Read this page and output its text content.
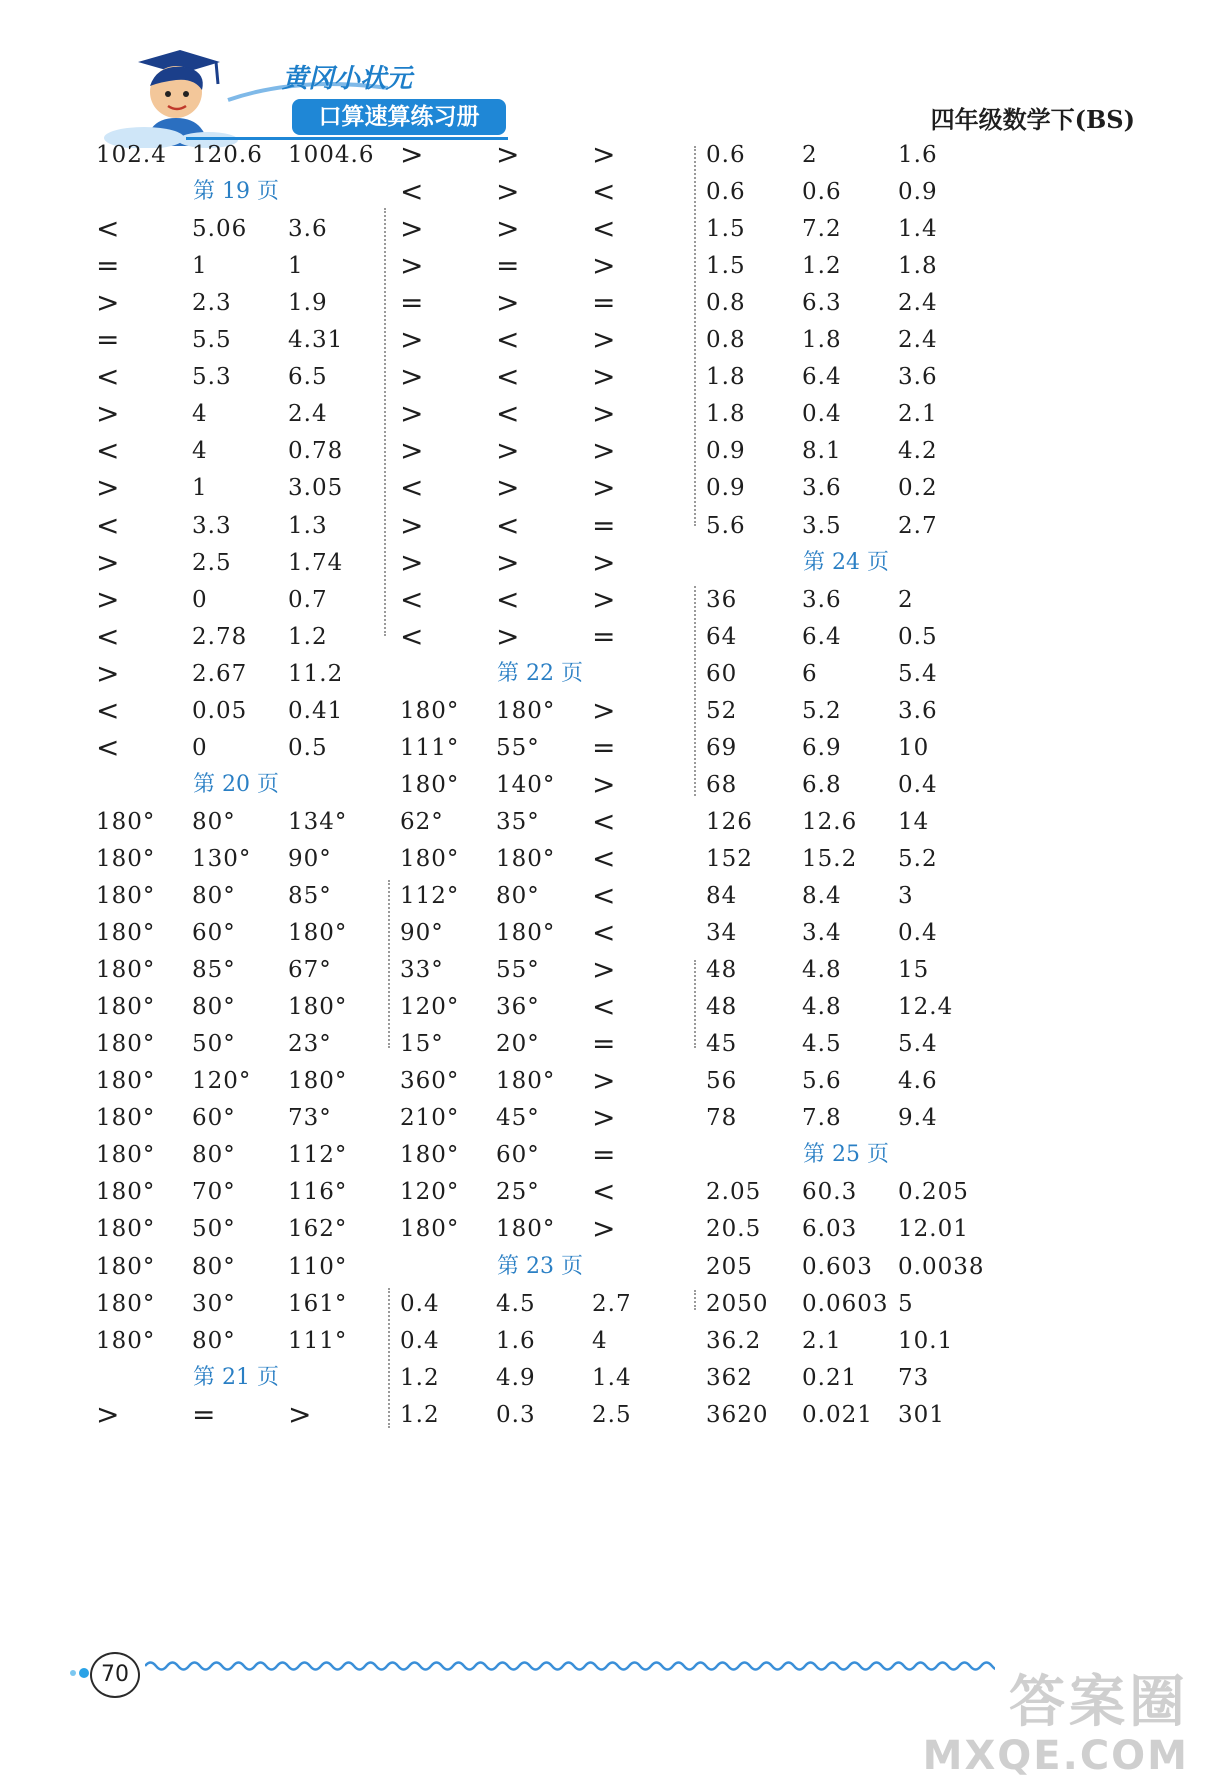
黄冈小状元
口算速算练习册	四年级数学下(BS)
102.4 120.6 1004.6
第 19 页
<	5.06 3.6
=	1	1
>	2.3 1.9
=	5.5 4.31
<	5.3 6.5
>	4	2.4
<	4	0.78
>	1	3.05
<	3.3 1.3
>	2.5 1.74
>	0	0.7
<	2.78 1.2
>	2.67 11.2
<	0.05 0.41
<	0	0.5
第 20 页
180° 80° 134°
180° 130° 90°
180° 80° 85°
180° 60° 180°
180° 85° 67°
180° 80° 180°
180° 50° 23°
180° 120° 180°
180° 60° 73°
180° 80° 112°
180° 70° 116°
180° 50° 162°
180° 80° 110°
180° 30° 161°
180° 80° 111°
第 21 页
>	=	>
>	>	>
<	>	<
>	>	<
>	=	>
=	>	=
>	<	>
>	<	>
>	<	>
>	>	>
<	>	>
>	<	=
>	>	>
<	<	>
<	>	=
第 22 页
180° 180° >
111° 55° =
180° 140° >
62° 35° <
180° 180° <
112° 80° <
90° 180° <
33° 55° >
120° 36° <
15° 20° =
360° 180° >
210° 45° >
180° 60° =
120° 25° <
180° 180° >
第 23 页
0.4 4.5 2.7
0.4 1.6 4
1.2 4.9 1.4
1.2 0.3 2.5
0.6 2	1.6
0.6 0.6 0.9
1.5 7.2 1.4
1.5 1.2 1.8
0.8 6.3 2.4
0.8 1.8 2.4
1.8 6.4 3.6
1.8 0.4 2.1
0.9 8.1 4.2
0.9 3.6 0.2
5.6 3.5 2.7
第 24 页
36	3.6 2
64	6.4 0.5
60	6	5.4
52	5.2 3.6
69	6.9 10
68	6.8 0.4
126 12.6 14
152 15.2 5.2
84	8.4 3
34	3.4 0.4
48	4.8 15
48	4.8 12.4
45	4.5 5.4
56	5.6 4.6
78	7.8 9.4
第 25 页
2.05 60.3 0.205
20.5 6.03 12.01
205 0.603 0.0038
2050 0.0603 5
36.2 2.1 10.1
362 0.21 73
3620 0.021 301
70	答案圈
MXQE.COM
